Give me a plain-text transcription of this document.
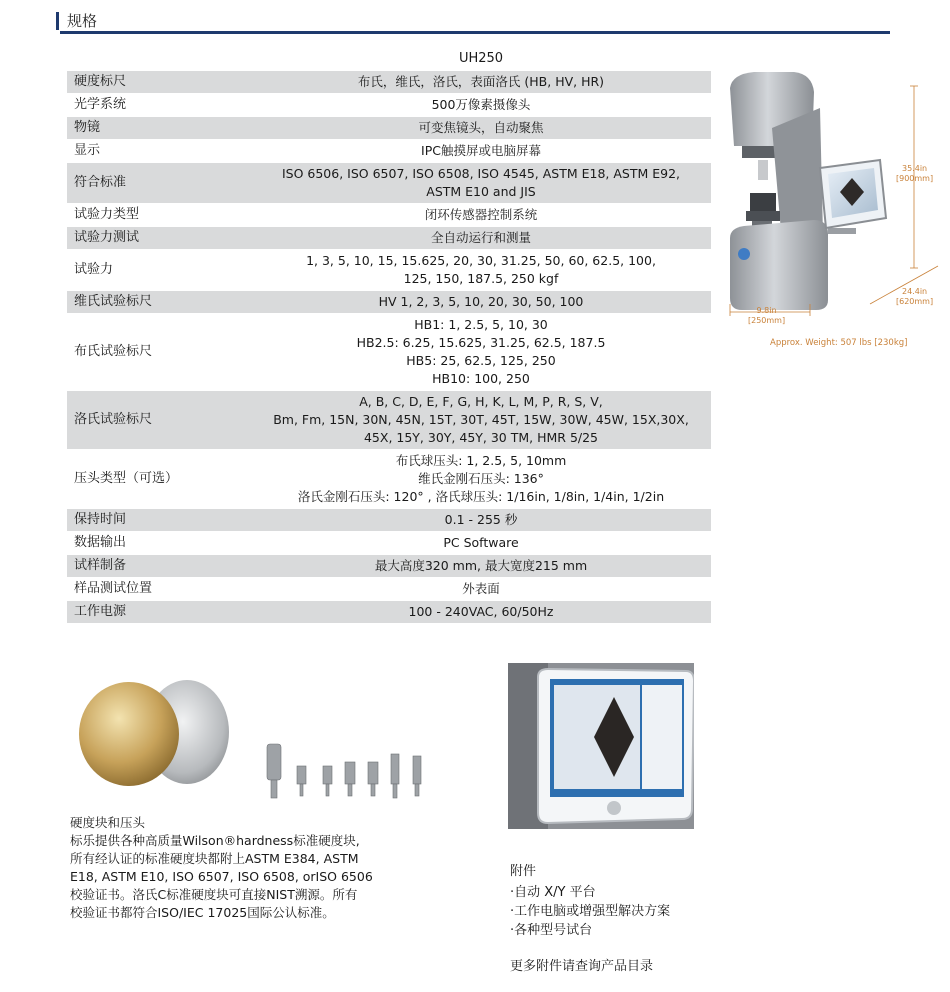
规格
	UH250
硬度标尺	布氏，维氏，洛氏，表面洛氏 (HB, HV, HR)

光学系统	500万像素摄像头

物镜	可变焦镜头，自动聚焦

显示	IPC触摸屏或电脑屏幕

符合标准	ISO 6506, ISO 6507, ISO 6508, ISO 4545, ASTM E18, ASTM E92,
ASTM E10 and JIS

试验力类型	闭环传感器控制系统

试验力测试	全自动运行和测量

试验力	1, 3, 5, 10, 15, 15.625, 20, 30, 31.25, 50, 60, 62.5, 100,
125, 150, 187.5, 250 kgf

维氏试验标尺	HV 1, 2, 3, 5, 10, 20, 30, 50, 100

布氏试验标尺	HB1: 1, 2.5, 5, 10, 30
HB2.5: 6.25, 15.625, 31.25, 62.5, 187.5
HB5: 25, 62.5, 125, 250
HB10: 100, 250

洛氏试验标尺	A, B, C, D, E, F, G, H, K, L, M, P, R, S, V,
Bm, Fm, 15N, 30N, 45N, 15T, 30T, 45T, 15W, 30W, 45W, 15X,30X,
45X, 15Y, 30Y, 45Y, 30 TM, HMR 5/25

压头类型（可选）	布氏球压头: 1, 2.5, 5, 10mm
维氏金刚石压头: 136°
洛氏金刚石压头: 120° , 洛氏球压头: 1/16in, 1/8in, 1/4in, 1/2in

保持时间	0.1 - 255 秒

数据输出	PC Software

试样制备	最大高度320 mm, 最大宽度215 mm

样品测试位置	外表面

工作电源	100 - 240VAC, 60/50Hz
35.4in
[900mm]
24.4in
[620mm]
9.8in
[250mm]
Approx. Weight: 507 lbs [230kg]
硬度块和压头
标乐提供各种高质量Wilson®hardness标准硬度块,
所有经认证的标准硬度块都附上ASTM E384, ASTM
E18, ASTM E10, ISO 6507, ISO 6508, orISO 6506
校验证书。洛氏C标准硬度块可直接NIST溯源。所有
校验证书都符合ISO/IEC 17025国际公认标准。
附件
·自动 X/Y 平台
·工作电脑或增强型解决方案
·各种型号试台
更多附件请查询产品目录
